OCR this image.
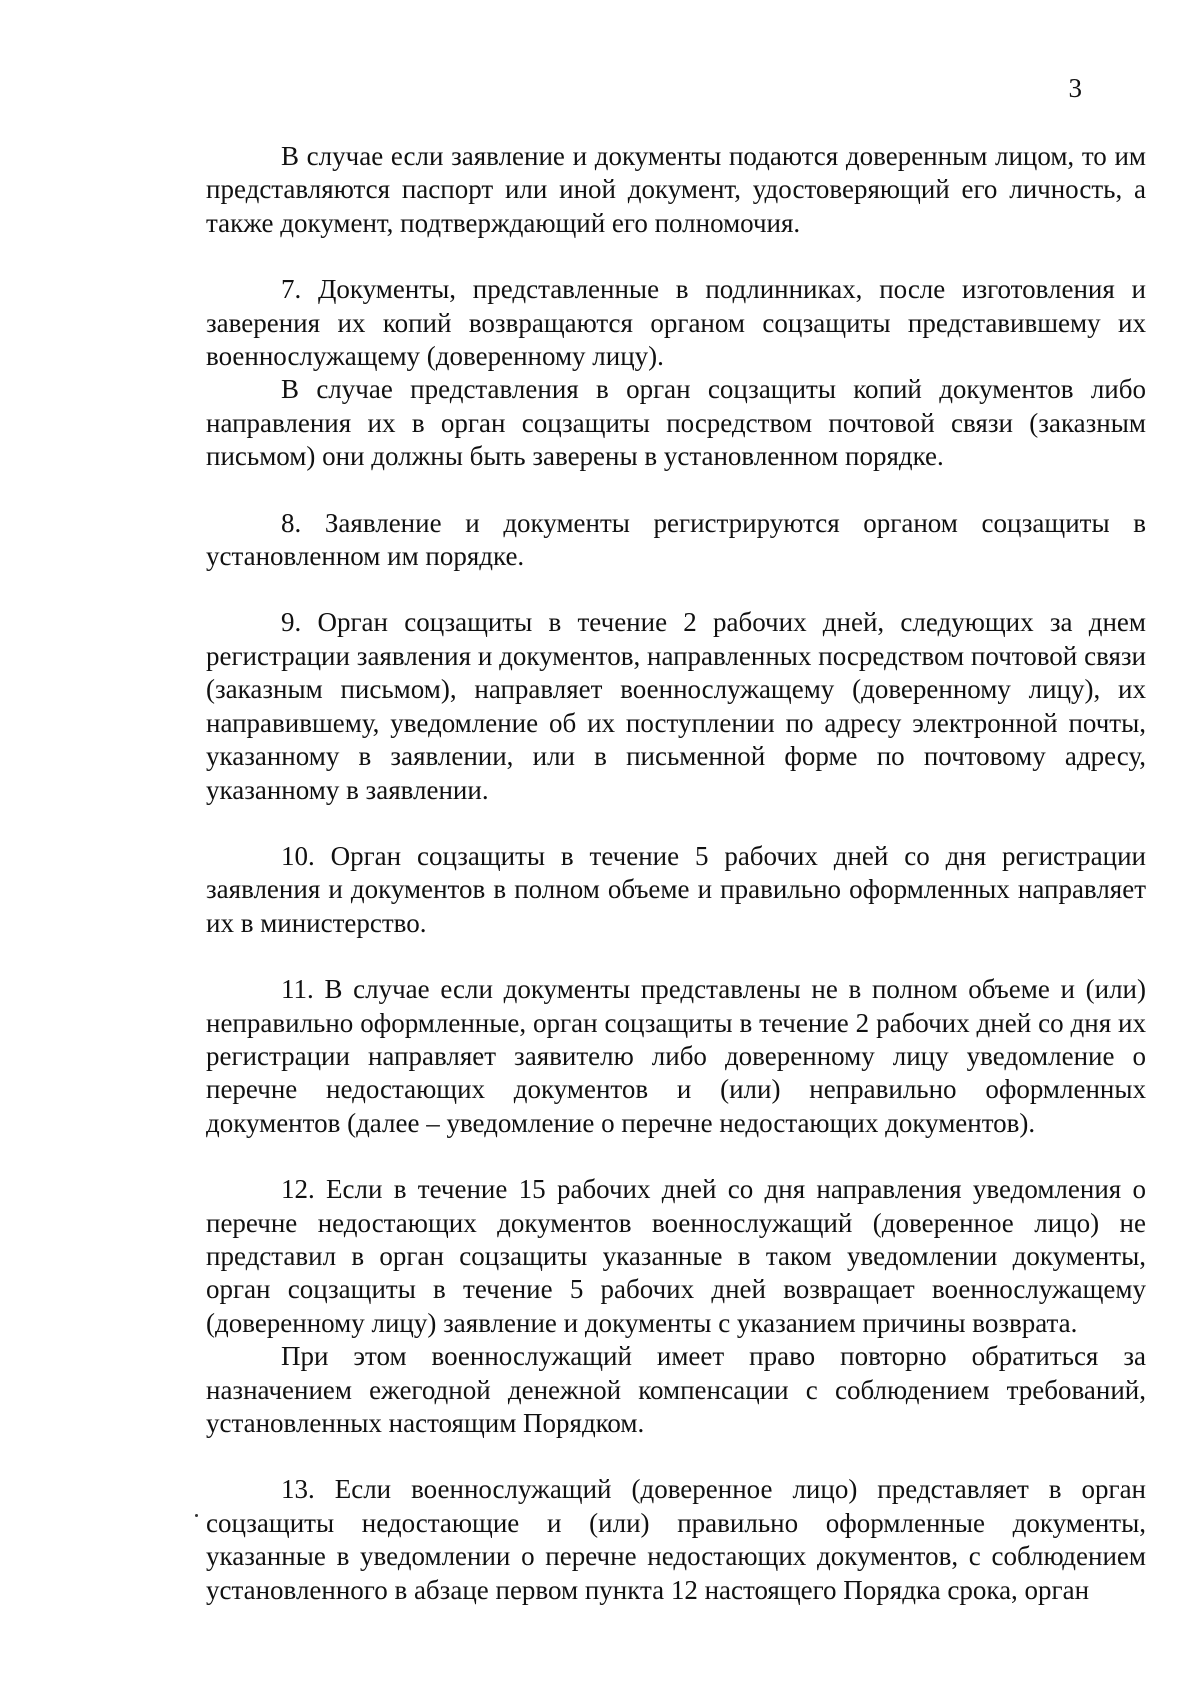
3

В случае если заявление и документы подаются доверенным лицом, то им представляются паспорт или иной документ, удостоверяющий его личность, а также документ, подтверждающий его полномочия.

7. Документы, представленные в подлинниках, после изготовления и заверения их копий возвращаются органом соцзащиты представившему их военнослужащему (доверенному лицу).

В случае представления в орган соцзащиты копий документов либо направления их в орган соцзащиты посредством почтовой связи (заказным письмом) они должны быть заверены в установленном порядке.

8. Заявление и документы регистрируются органом соцзащиты в установленном им порядке.

9. Орган соцзащиты в течение 2 рабочих дней, следующих за днем регистрации заявления и документов, направленных посредством почтовой связи (заказным письмом), направляет военнослужащему (доверенному лицу), их направившему, уведомление об их поступлении по адресу электронной почты, указанному в заявлении, или в письменной форме по почтовому адресу, указанному в заявлении.

10. Орган соцзащиты в течение 5 рабочих дней со дня регистрации заявления и документов в полном объеме и правильно оформленных направляет их в министерство.

11. В случае если документы представлены не в полном объеме и (или) неправильно оформленные, орган соцзащиты в течение 2 рабочих дней со дня их регистрации направляет заявителю либо доверенному лицу уведомление о перечне недостающих документов и (или) неправильно оформленных документов (далее – уведомление о перечне недостающих документов).

12. Если в течение 15 рабочих дней со дня направления уведомления о перечне недостающих документов военнослужащий (доверенное лицо) не представил в орган соцзащиты указанные в таком уведомлении документы, орган соцзащиты в течение 5 рабочих дней возвращает военнослужащему (доверенному лицу) заявление и документы с указанием причины возврата.

При этом военнослужащий имеет право повторно обратиться за назначением ежегодной денежной компенсации с соблюдением требований, установленных настоящим Порядком.

13. Если военнослужащий (доверенное лицо) представляет в орган соцзащиты недостающие и (или) правильно оформленные документы, указанные в уведомлении о перечне недостающих документов, с соблюдением установленного в абзаце первом пункта 12 настоящего Порядка срока, орган
